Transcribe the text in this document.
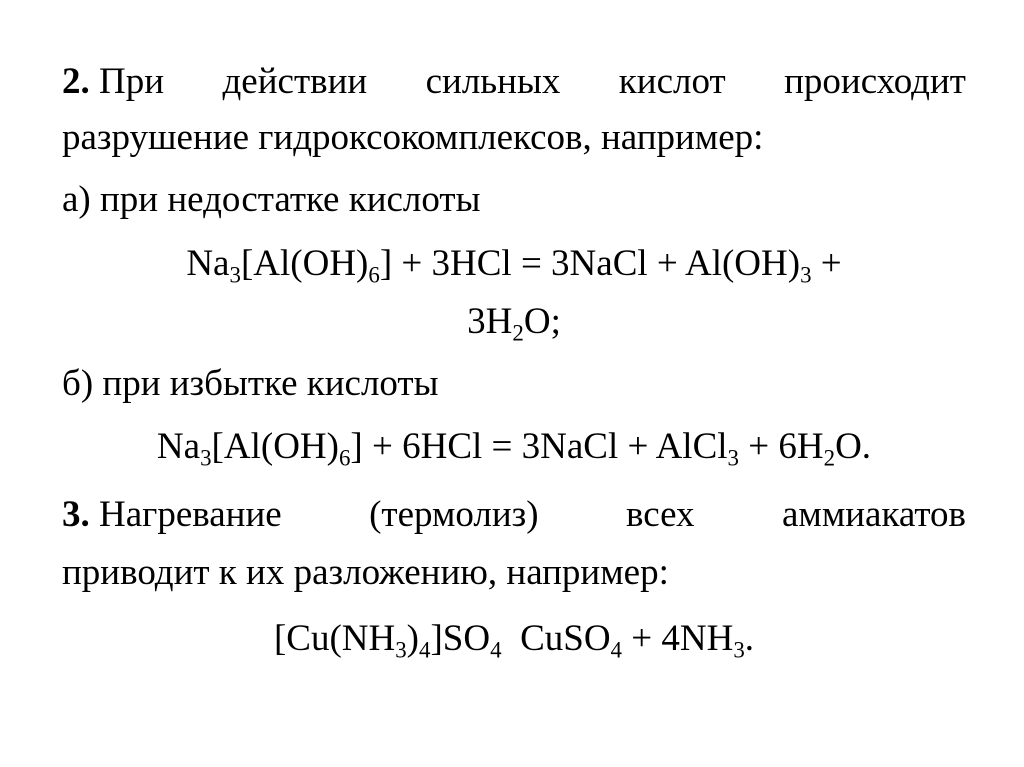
2. При действии сильных кислот происходит
разрушение гидроксокомплексов, например:
а) при недостатке кислоты
$Na_3[Al(OH)_6] + 3HCl$ = 3NaCl + $Al(OH)_3$ +
$3H_2O$;
б) при избытке кислоты
$Na_3[Al(OH)_6] + 6HCl$ = 3NaCl + AlCl$_3$ + $6H_2O$.
3. Нагревание (термолиз) всех аммиакатов
приводит к их разложению, например:
$[Cu(NH_3)_4]SO_4$  CuSO$_4$ + $4NH_3$.
